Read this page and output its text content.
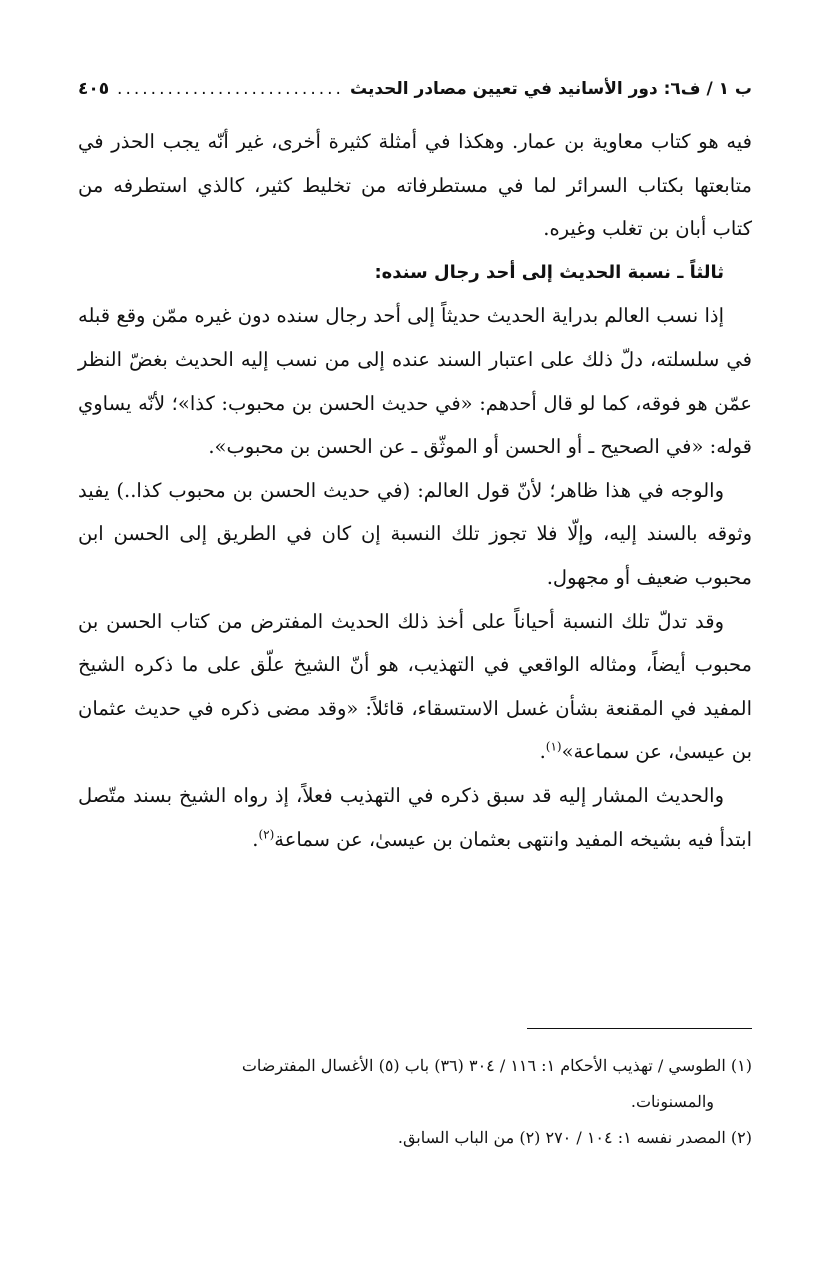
ب ١ / ف٦: دور الأسانيد في تعيين مصادر الحديث
.....
٤٠٥

فيه هو كتاب معاوية بن عمار. وهكذا في أمثلة كثيرة أخرى، غير أنّه يجب الحذر في متابعتها بكتاب السرائر لما في مستطرفاته من تخليط كثير، كالذي استطرفه من كتاب أبان بن تغلب وغيره.

ثالثاً ـ نسبة الحديث إلى أحد رجال سنده:

إذا نسب العالم بدراية الحديث حديثاً إلى أحد رجال سنده دون غيره ممّن وقع قبله في سلسلته، دلّ ذلك على اعتبار السند عنده إلى من نسب إليه الحديث بغضّ النظر عمّن هو فوقه، كما لو قال أحدهم: «في حديث الحسن بن محبوب: كذا»؛ لأنّه يساوي قوله: «في الصحيح ـ أو الحسن أو الموثّق ـ عن الحسن بن محبوب».

والوجه في هذا ظاهر؛ لأنّ قول العالم: (في حديث الحسن بن محبوب كذا..) يفيد وثوقه بالسند إليه، وإلّا فلا تجوز تلك النسبة إن كان في الطريق إلى الحسن ابن محبوب ضعيف أو مجهول.

وقد تدلّ تلك النسبة أحياناً على أخذ ذلك الحديث المفترض من كتاب الحسن بن محبوب أيضاً، ومثاله الواقعي في التهذيب، هو أنّ الشيخ علّق على ما ذكره الشيخ المفيد في المقنعة بشأن غسل الاستسقاء، قائلاً: «وقد مضى ذكره في حديث عثمان بن عيسىٰ، عن سماعة»$^{(١)}$.

والحديث المشار إليه قد سبق ذكره في التهذيب فعلاً، إذ رواه الشيخ بسند متّصل ابتدأ فيه بشيخه المفيد وانتهى بعثمان بن عيسىٰ، عن سماعة$^{(٢)}$.

(١) الطوسي / تهذيب الأحكام ١: ١١٦ / ٣٠٤ (٣٦) باب (٥) الأغسال المفترضات

والمسنونات.

(٢) المصدر نفسه ١: ١٠٤ / ٢٧٠ (٢) من الباب السابق.
